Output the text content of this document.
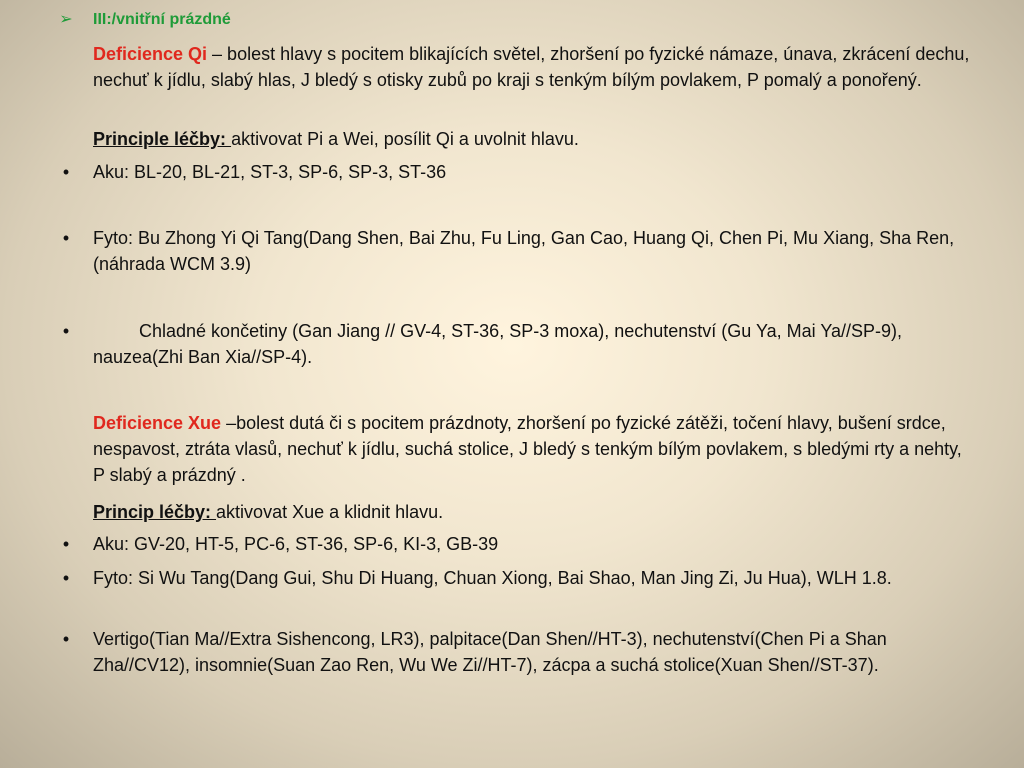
➢ III:/vnitřní prázdné
Deficience Qi – bolest hlavy s pocitem blikajících světel, zhoršení po fyzické námaze, únava, zkrácení dechu, nechuť k jídlu, slabý hlas, J bledý s otisky zubů po kraji s tenkým bílým povlakem, P pomalý a ponořený.
Principle léčby: aktivovat Pi a Wei, posílit Qi a uvolnit hlavu.
•	Aku: BL-20, BL-21, ST-3, SP-6, SP-3, ST-36
•	Fyto: Bu Zhong Yi Qi Tang(Dang Shen, Bai Zhu, Fu Ling, Gan Cao, Huang Qi, Chen Pi, Mu Xiang, Sha Ren, (náhrada WCM 3.9)
•	Chladné končetiny (Gan Jiang // GV-4, ST-36, SP-3 moxa), nechutenství (Gu Ya, Mai Ya//SP-9), nauzea(Zhi Ban Xia//SP-4).
Deficience Xue –bolest dutá či s pocitem prázdnoty, zhoršení po fyzické zátěži, točení hlavy, bušení srdce, nespavost, ztráta vlasů, nechuť k jídlu, suchá stolice, J bledý s tenkým bílým povlakem, s bledými rty a nehty, P slabý a prázdný .
Princip léčby: aktivovat Xue a klidnit hlavu.
•	Aku: GV-20, HT-5, PC-6, ST-36, SP-6, KI-3, GB-39
•	Fyto: Si Wu Tang(Dang Gui, Shu Di Huang, Chuan Xiong, Bai Shao, Man Jing Zi, Ju Hua), WLH 1.8.
•	Vertigo(Tian Ma//Extra Sishencong, LR3), palpitace(Dan Shen//HT-3), nechutenství(Chen Pi a Shan Zha//CV12), insomnie(Suan Zao Ren, Wu We Zi//HT-7), zácpa a suchá stolice(Xuan Shen//ST-37).
